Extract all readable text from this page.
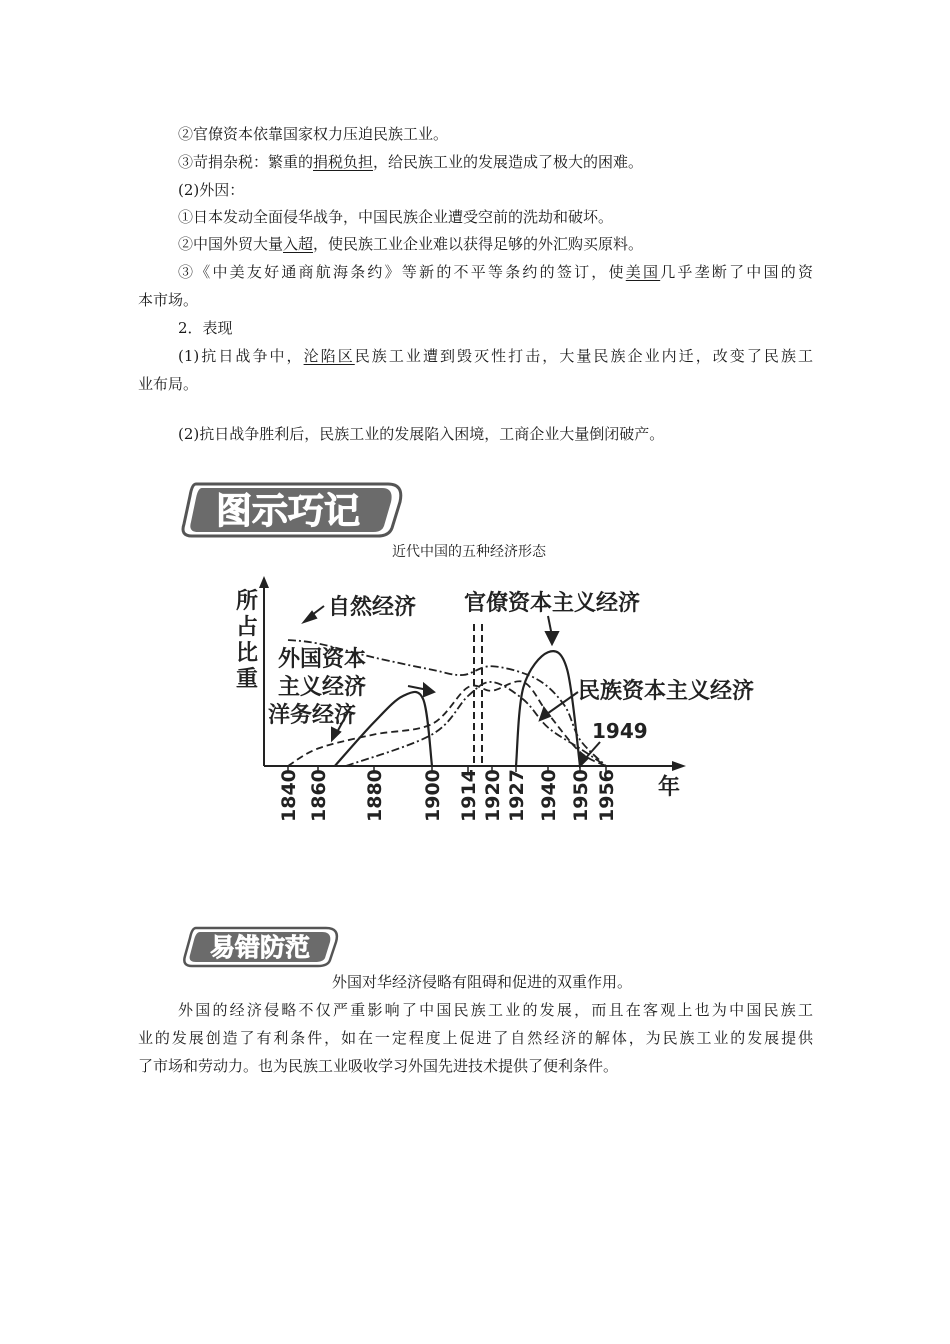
②官僚资本依靠国家权力压迫民族工业。
③苛捐杂税：繁重的捐税负担，给民族工业的发展造成了极大的困难。
(2)外因：
①日本发动全面侵华战争，中国民族企业遭受空前的洗劫和破坏。
②中国外贸大量入超，使民族工业企业难以获得足够的外汇购买原料。
③《中美友好通商航海条约》等新的不平等条约的签订，使美国几乎垄断了中国的资
本市场。
2．表现
(1)抗日战争中，沦陷区民族工业遭到毁灭性打击，大量民族企业内迁，改变了民族工
业布局。
(2)抗日战争胜利后，民族工业的发展陷入困境，工商企业大量倒闭破产。
图示巧记
近代中国的五种经济形态
所
占
比
重
年
1840 1860 1880 1900 1914 1920 1927 1940 1950 1956
自然经济 官僚资本主义经济
民族资本主义经济
1949
外国资本
主义经济
洋务经济
易错防范
外国对华经济侵略有阻碍和促进的双重作用。
外国的经济侵略不仅严重影响了中国民族工业的发展，而且在客观上也为中国民族工
业的发展创造了有利条件，如在一定程度上促进了自然经济的解体，为民族工业的发展提供
了市场和劳动力。也为民族工业吸收学习外国先进技术提供了便利条件。
